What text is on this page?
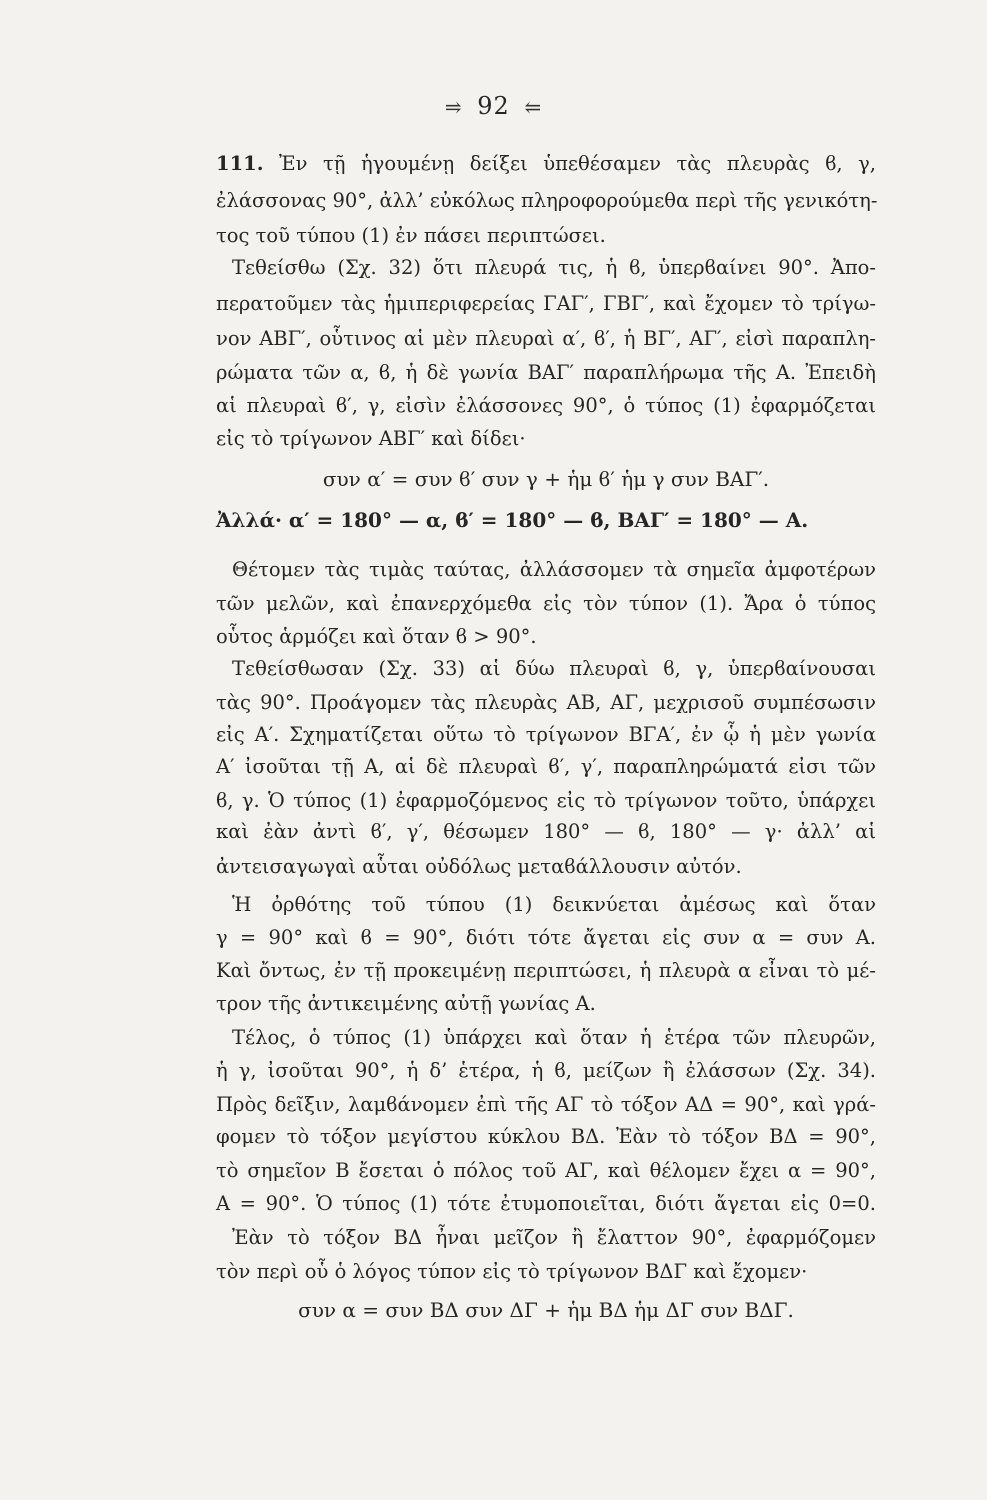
⥤ 92 ⥢
111. Ἐν τῇ ἡγουμένῃ δείξει ὑπεθέσαμεν τὰς πλευρὰς ϐ, γ,
ἐλάσσονας 90°, ἀλλ’ εὐκόλως πληροφορούμεθα περὶ τῆς γενικότη-
τος τοῦ τύπου (1) ἐν πάσει περιπτώσει.
Τεθείσθω (Σχ. 32) ὅτι πλευρά τις, ἡ ϐ, ὑπερϐαίνει 90°. Ἀπο-
περατοῦμεν τὰς ἡμιπεριφερείας ΓΑΓ′, ΓΒΓ′, καὶ ἔχομεν τὸ τρίγω-
νον ΑΒΓ′, οὗτινος αἱ μὲν πλευραὶ α′, ϐ′, ἡ ΒΓ′, ΑΓ′, εἰσὶ παραπλη-
ρώματα τῶν α, ϐ, ἡ δὲ γωνία ΒΑΓ′ παραπλήρωμα τῆς Α. Ἐπειδὴ
αἱ πλευραὶ ϐ′, γ, εἰσὶν ἐλάσσονες 90°, ὁ τύπος (1) ἐφαρμόζεται
εἰς τὸ τρίγωνον ΑΒΓ′ καὶ δίδει·
συν α′ = συν ϐ′ συν γ + ἡμ ϐ′ ἡμ γ συν ΒΑΓ′.
Ἀλλά· α′ = 180° — α, ϐ′ = 180° — ϐ, ΒΑΓ′ = 180° — Α.
Θέτομεν τὰς τιμὰς ταύτας, ἀλλάσσομεν τὰ σημεῖα ἀμφοτέρων
τῶν μελῶν, καὶ ἐπανερχόμεθα εἰς τὸν τύπον (1). Ἄρα ὁ τύπος
οὗτος ἁρμόζει καὶ ὅταν ϐ > 90°.
Τεθείσθωσαν (Σχ. 33) αἱ δύω πλευραὶ ϐ, γ, ὑπερϐαίνουσαι
τὰς 90°. Προάγομεν τὰς πλευρὰς ΑΒ, ΑΓ, μεχρισοῦ συμπέσωσιν
εἰς Α′. Σχηματίζεται οὕτω τὸ τρίγωνον ΒΓΑ′, ἐν ᾧ ἡ μὲν γωνία
Α′ ἰσοῦται τῇ Α, αἱ δὲ πλευραὶ ϐ′, γ′, παραπληρώματά εἰσι τῶν
ϐ, γ. Ὁ τύπος (1) ἐφαρμοζόμενος εἰς τὸ τρίγωνον τοῦτο, ὑπάρχει
καὶ ἐὰν ἀντὶ ϐ′, γ′, θέσωμεν 180° — ϐ, 180° — γ· ἀλλ’ αἱ
ἀντεισαγωγαὶ αὗται οὐδόλως μεταϐάλλουσιν αὐτόν.
Ἡ ὀρθότης τοῦ τύπου (1) δεικνύεται ἀμέσως καὶ ὅταν
γ = 90° καὶ ϐ = 90°, διότι τότε ἄγεται εἰς συν α = συν Α.
Καὶ ὄντως, ἐν τῇ προκειμένῃ περιπτώσει, ἡ πλευρὰ α εἶναι τὸ μέ-
τρον τῆς ἀντικειμένης αὐτῇ γωνίας Α.
Τέλος, ὁ τύπος (1) ὑπάρχει καὶ ὅταν ἡ ἑτέρα τῶν πλευρῶν,
ἡ γ, ἰσοῦται 90°, ἡ δ’ ἑτέρα, ἡ ϐ, μείζων ἢ ἐλάσσων (Σχ. 34).
Πρὸς δεῖξιν, λαμϐάνομεν ἐπὶ τῆς ΑΓ τὸ τόξον ΑΔ = 90°, καὶ γρά-
φομεν τὸ τόξον μεγίστου κύκλου ΒΔ. Ἐὰν τὸ τόξον ΒΔ = 90°,
τὸ σημεῖον Β ἔσεται ὁ πόλος τοῦ ΑΓ, καὶ θέλομεν ἔχει α = 90°,
Α = 90°. Ὁ τύπος (1) τότε ἐτυμοποιεῖται, διότι ἄγεται εἰς 0=0.
Ἐὰν τὸ τόξον ΒΔ ἦναι μεῖζον ἢ ἔλαττον 90°, ἐφαρμόζομεν
τὸν περὶ οὗ ὁ λόγος τύπον εἰς τὸ τρίγωνον ΒΔΓ καὶ ἔχομεν·
συν α = συν ΒΔ συν ΔΓ + ἡμ ΒΔ ἡμ ΔΓ συν ΒΔΓ.
